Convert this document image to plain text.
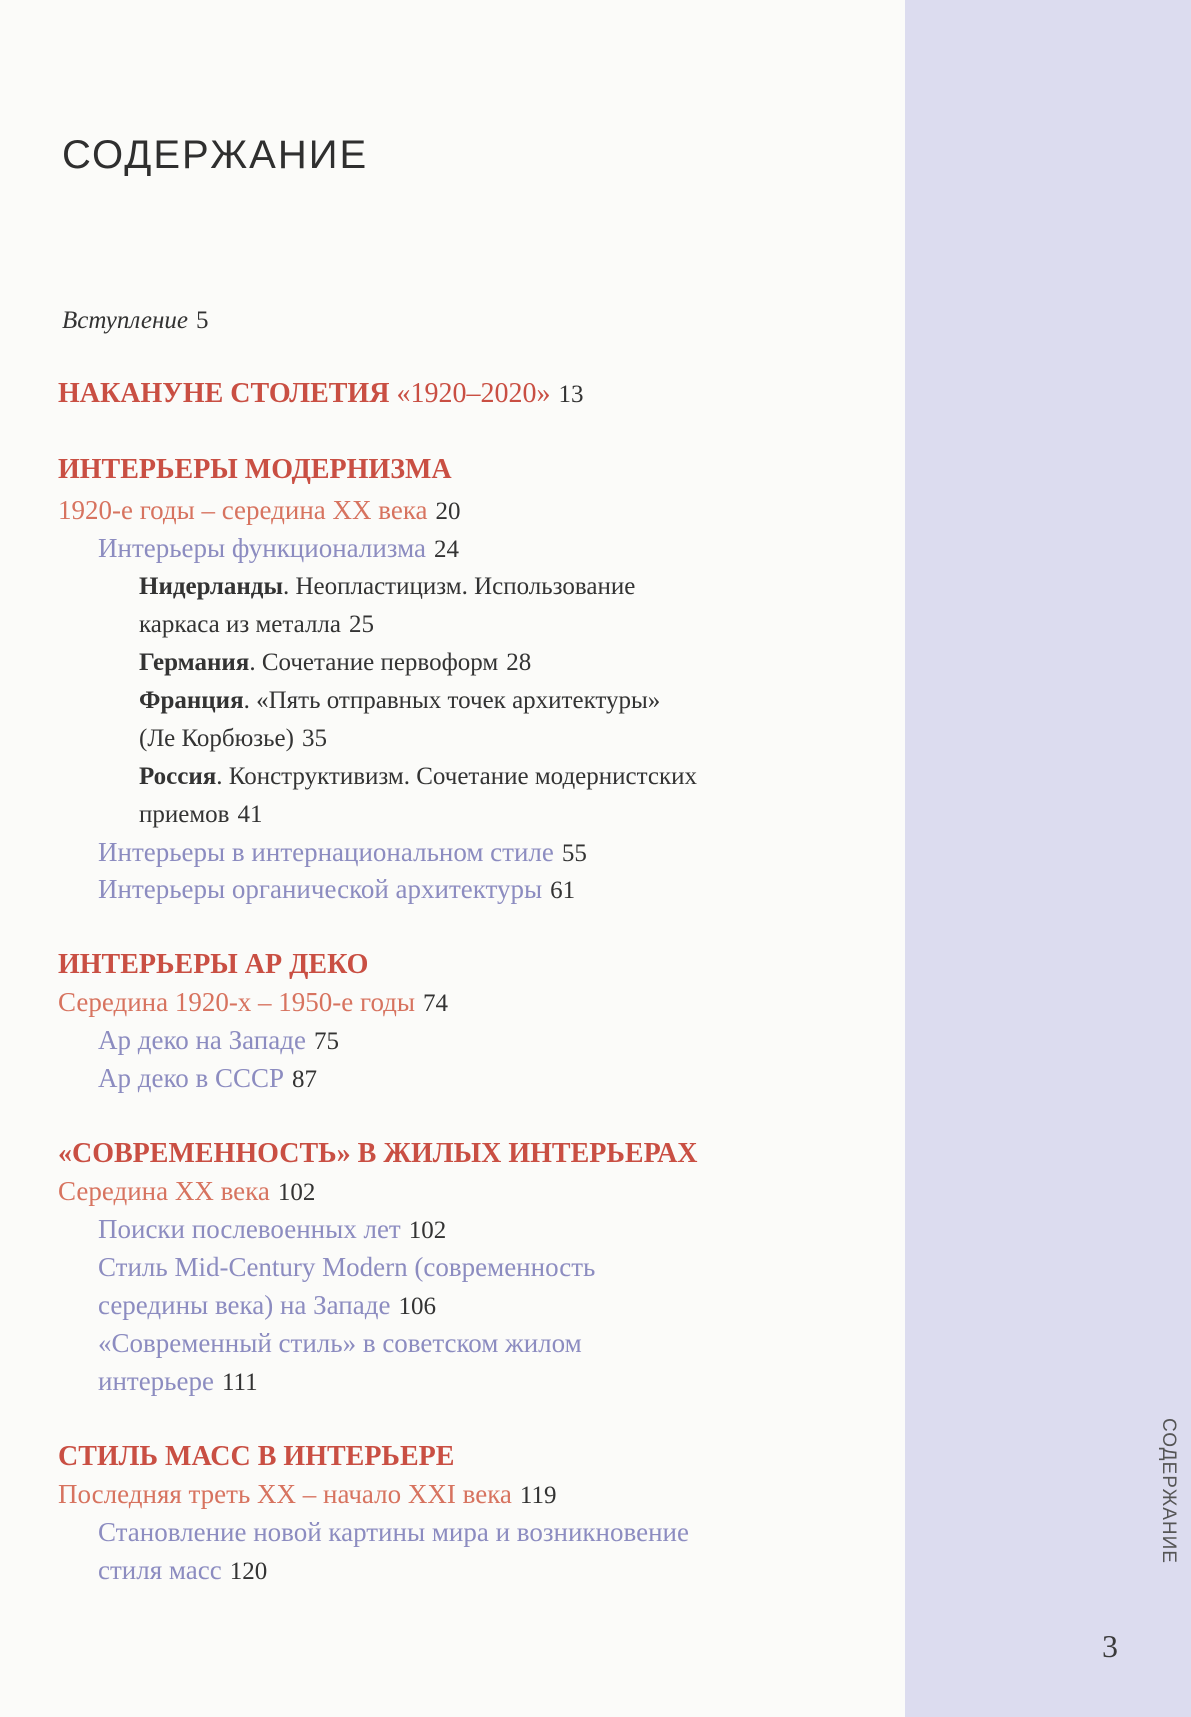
СОДЕРЖАНИЕ
3
СОДЕРЖАНИЕ
Вступление 5
НАКАНУНЕ СТОЛЕТИЯ «1920–2020» 13
ИНТЕРЬЕРЫ МОДЕРНИЗМА
1920-е годы – середина XX века 20
Интерьеры функционализма 24
Нидерланды. Неопластицизм. Использование
каркаса из металла 25
Германия. Сочетание первоформ 28
Франция. «Пять отправных точек архитектуры»
(Ле Корбюзье) 35
Россия. Конструктивизм. Сочетание модернистских
приемов 41
Интерьеры в интернациональном стиле 55
Интерьеры органической архитектуры 61
ИНТЕРЬЕРЫ АР ДЕКО
Середина 1920-х – 1950-е годы 74
Ар деко на Западе 75
Ар деко в СССР 87
«СОВРЕМЕННОСТЬ» В ЖИЛЫХ ИНТЕРЬЕРАХ
Середина XX века 102
Поиски послевоенных лет 102
Стиль Mid-Century Modern (современность
середины века) на Западе 106
«Современный стиль» в советском жилом
интерьере 111
СТИЛЬ МАСС В ИНТЕРЬЕРЕ
Последняя треть XX – начало XXI века 119
Становление новой картины мира и возникновение
стиля масс 120
